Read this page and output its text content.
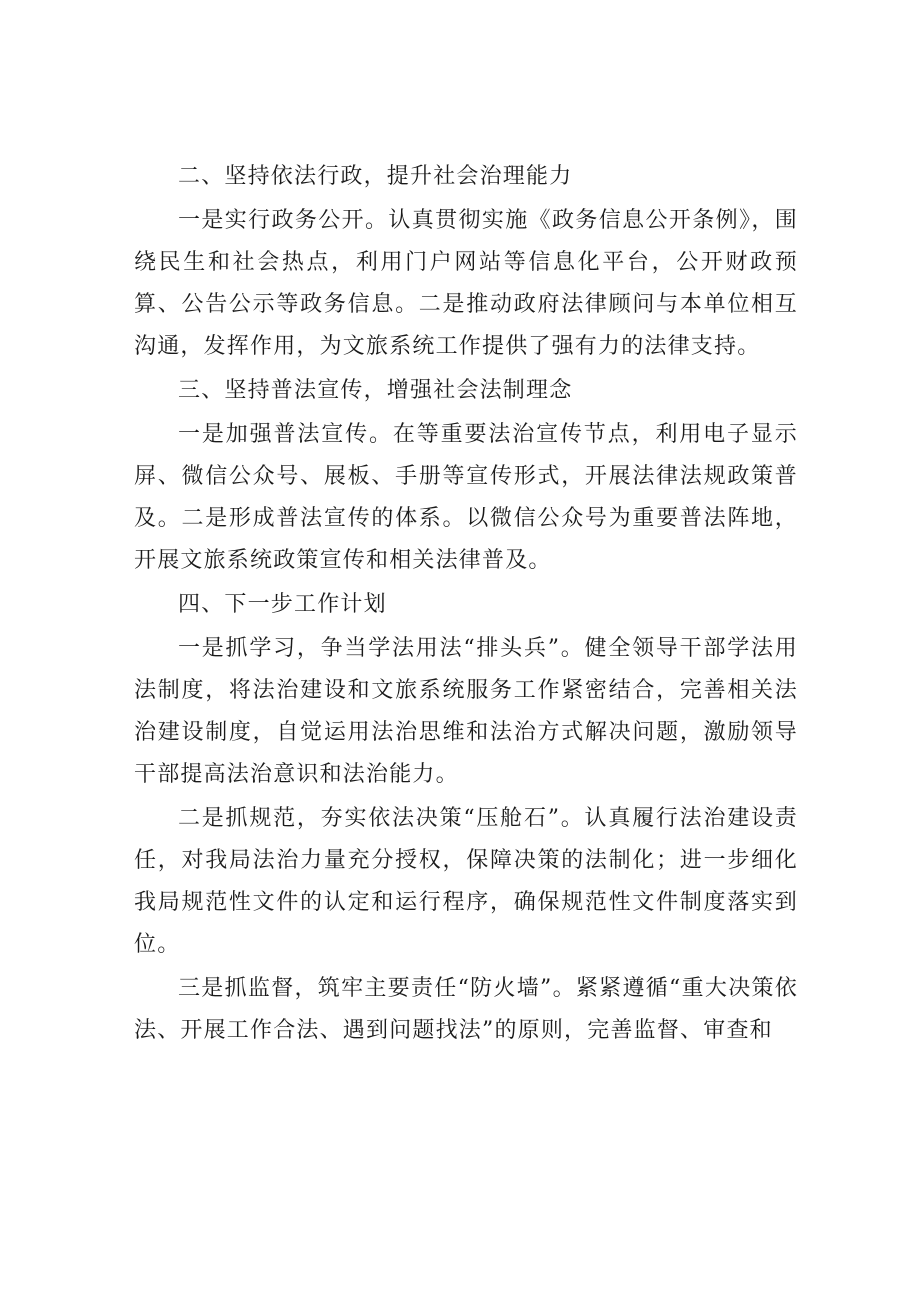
二、坚持依法行政，提升社会治理能力

一是实行政务公开。认真贯彻实施《政务信息公开条例》，围绕民生和社会热点，利用门户网站等信息化平台，公开财政预算、公告公示等政务信息。二是推动政府法律顾问与本单位相互沟通，发挥作用，为文旅系统工作提供了强有力的法律支持。

三、坚持普法宣传，增强社会法制理念

一是加强普法宣传。在等重要法治宣传节点，利用电子显示屏、微信公众号、展板、手册等宣传形式，开展法律法规政策普及。二是形成普法宣传的体系。以微信公众号为重要普法阵地，开展文旅系统政策宣传和相关法律普及。

四、下一步工作计划

一是抓学习，争当学法用法“排头兵”。健全领导干部学法用法制度，将法治建设和文旅系统服务工作紧密结合，完善相关法治建设制度，自觉运用法治思维和法治方式解决问题，激励领导干部提高法治意识和法治能力。

二是抓规范，夯实依法决策“压舱石”。认真履行法治建设责任，对我局法治力量充分授权，保障决策的法制化；进一步细化我局规范性文件的认定和运行程序，确保规范性文件制度落实到位。

三是抓监督，筑牢主要责任“防火墙”。紧紧遵循“重大决策依法、开展工作合法、遇到问题找法”的原则，完善监督、审查和
